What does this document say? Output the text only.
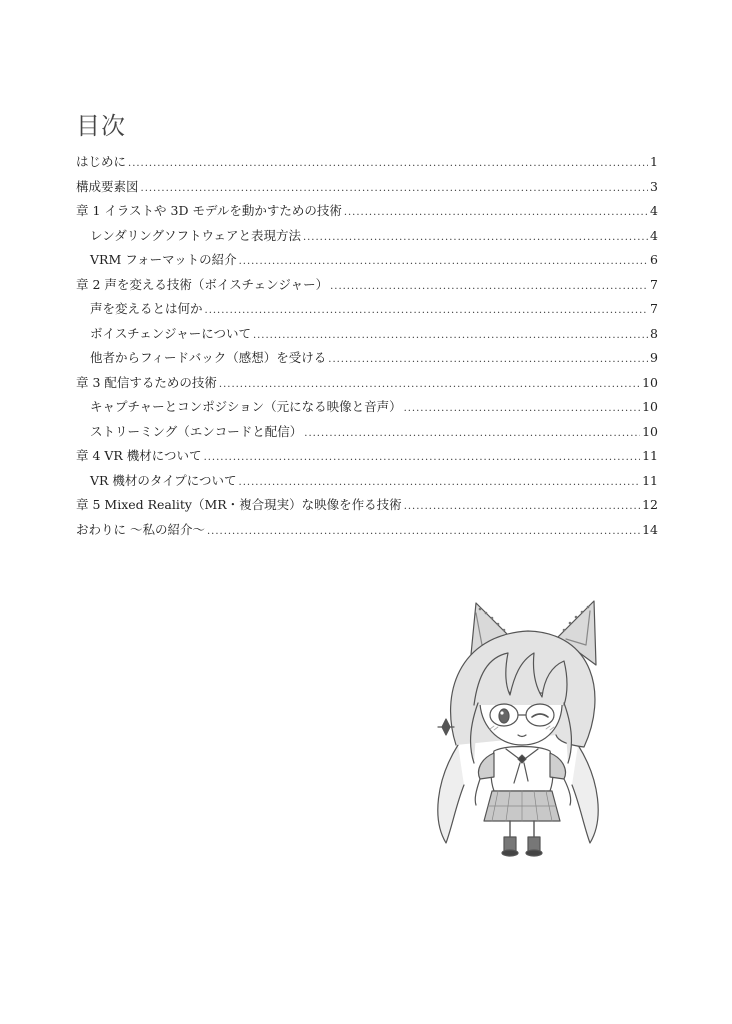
目次
はじめに .....	1
構成要素図 .....	3
章 1 イラストや 3D モデルを動かすための技術 .....	4
レンダリングソフトウェアと表現方法 .....	4
VRM フォーマットの紹介 .....	6
章 2 声を変える技術（ボイスチェンジャー） .....	7
声を変えるとは何か .....	7
ボイスチェンジャーについて .....	8
他者からフィードバック（感想）を受ける .....	9
章 3 配信するための技術 .....	10
キャプチャーとコンポジション（元になる映像と音声） .....	10
ストリーミング（エンコードと配信） .....	10
章 4 VR 機材について .....	11
VR 機材のタイプについて .....	11
章 5 Mixed Reality（MR・複合現実）な映像を作る技術 .....	12
おわりに 〜私の紹介〜 .....	14
